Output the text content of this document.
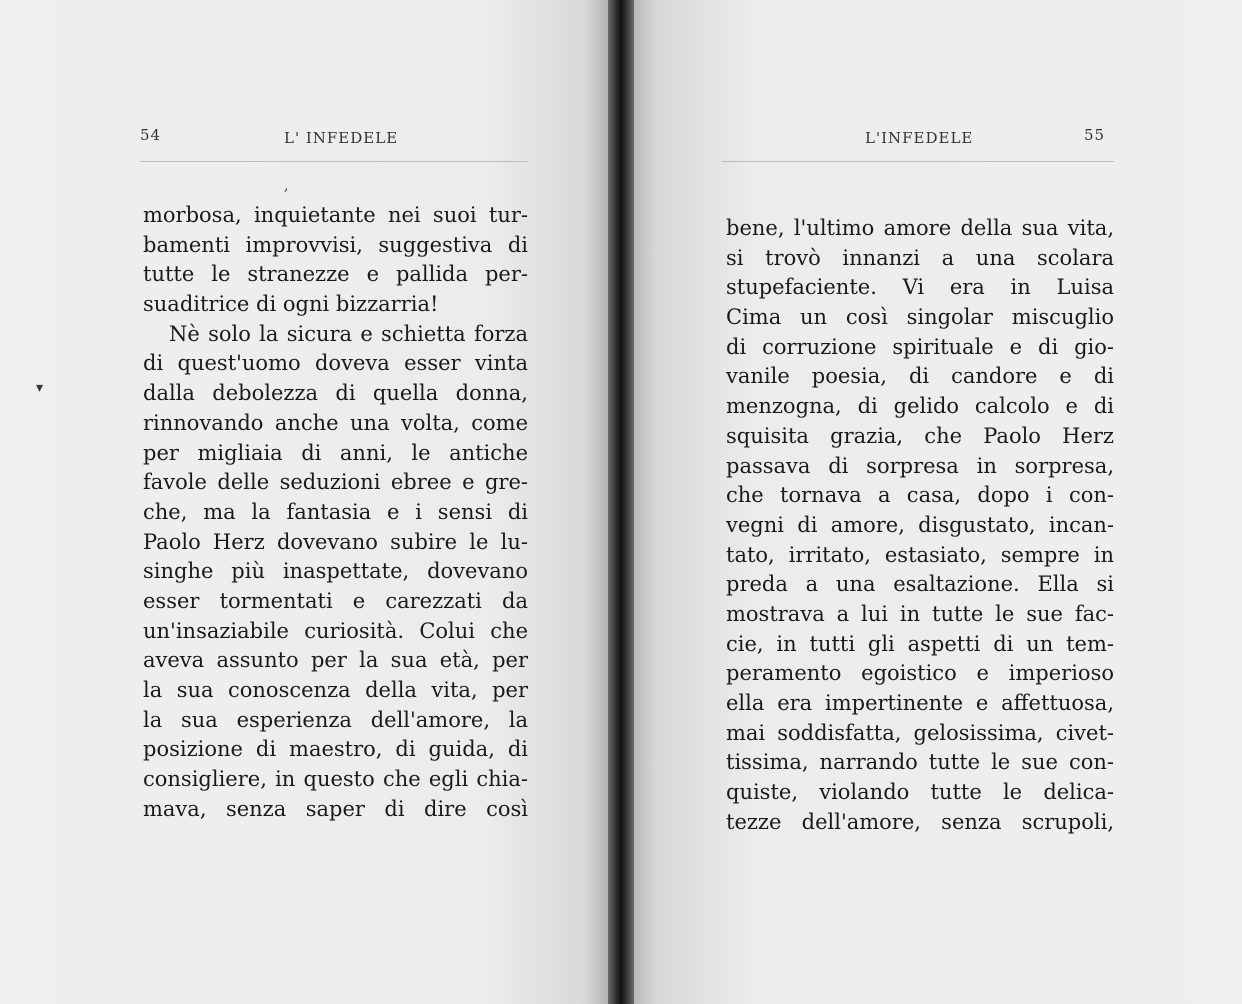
54	L' INFEDELE	L'INFEDELE	55
,
▾
morbosa, inquietante nei suoi tur-
bamenti improvvisi, suggestiva di
tutte le stranezze e pallida per-
suaditrice di ogni bizzarria!
Nè solo la sicura e schietta forza
di quest'uomo doveva esser vinta
dalla debolezza di quella donna,
rinnovando anche una volta, come
per migliaia di anni, le antiche
favole delle seduzioni ebree e gre-
che, ma la fantasia e i sensi di
Paolo Herz dovevano subire le lu-
singhe più inaspettate, dovevano
esser tormentati e carezzati da
un'insaziabile curiosità. Colui che
aveva assunto per la sua età, per
la sua conoscenza della vita, per
la sua esperienza dell'amore, la
posizione di maestro, di guida, di
consigliere, in questo che egli chia-
mava, senza saper di dire così
bene, l'ultimo amore della sua vita,
si trovò innanzi a una scolara
stupefaciente. Vi era in Luisa
Cima un così singolar miscuglio
di corruzione spirituale e di gio-
vanile poesia, di candore e di
menzogna, di gelido calcolo e di
squisita grazia, che Paolo Herz
passava di sorpresa in sorpresa,
che tornava a casa, dopo i con-
vegni di amore, disgustato, incan-
tato, irritato, estasiato, sempre in
preda a una esaltazione. Ella si
mostrava a lui in tutte le sue fac-
cie, in tutti gli aspetti di un tem-
peramento egoistico e imperioso
ella era impertinente e affettuosa,
mai soddisfatta, gelosissima, civet-
tissima, narrando tutte le sue con-
quiste, violando tutte le delica-
tezze dell'amore, senza scrupoli,
